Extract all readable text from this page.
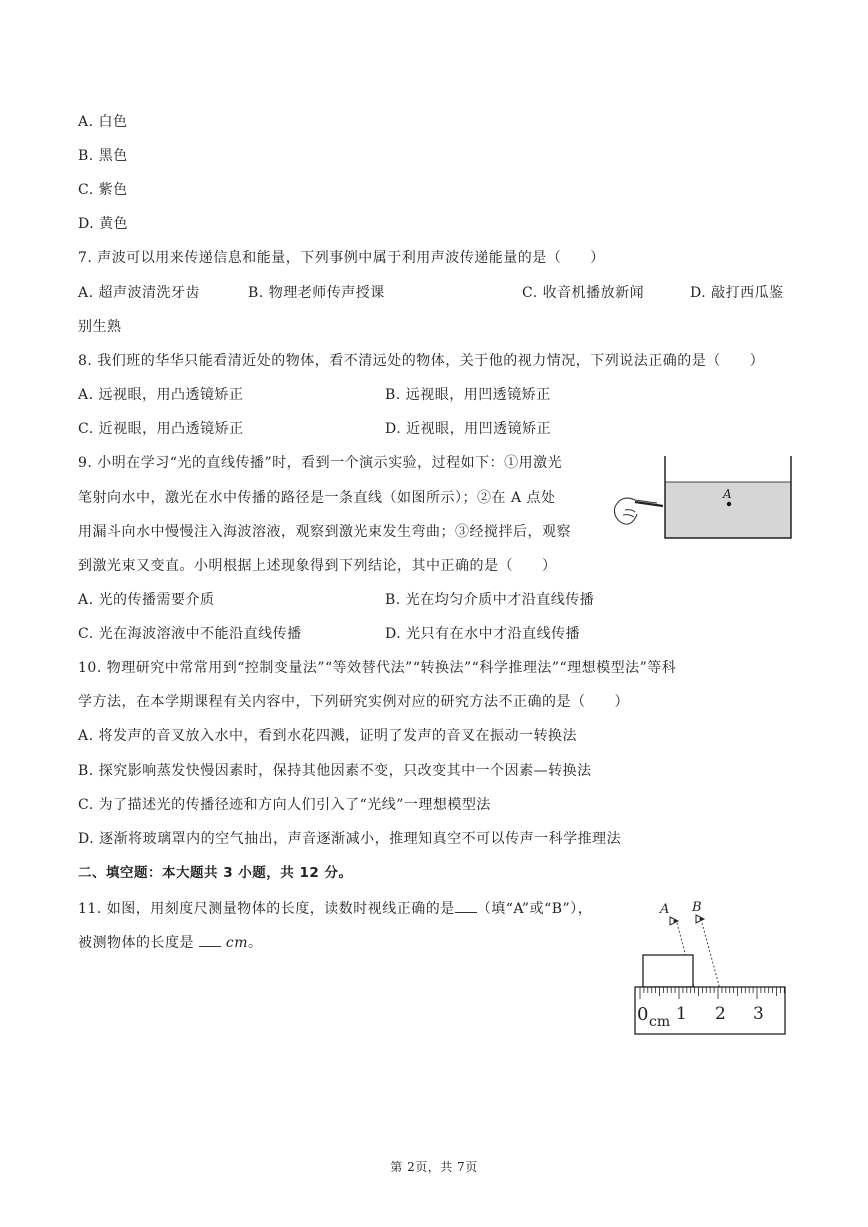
A. 白色
B. 黑色
C. 紫色
D. 黄色
7. 声波可以用来传递信息和能量，下列事例中属于利用声波传递能量的是（　　）
A. 超声波清洗牙齿	B. 物理老师传声授课	C. 收音机播放新闻	D. 敲打西瓜鉴
别生熟
8. 我们班的华华只能看清近处的物体，看不清远处的物体，关于他的视力情况，下列说法正确的是（　　）
A. 远视眼，用凸透镜矫正	B. 远视眼，用凹透镜矫正
C. 近视眼，用凸透镜矫正	D. 近视眼，用凹透镜矫正
9. 小明在学习“光的直线传播”时，看到一个演示实验，过程如下：①用激光
笔射向水中，激光在水中传播的路径是一条直线（如图所示）；②在 A 点处
用漏斗向水中慢慢注入海波溶液，观察到激光束发生弯曲；③经搅拌后，观察
到激光束又变直。小明根据上述现象得到下列结论，其中正确的是（　　）
A. 光的传播需要介质	B. 光在均匀介质中才沿直线传播
C. 光在海波溶液中不能沿直线传播	D. 光只有在水中才沿直线传播
A
10. 物理研究中常常用到“控制变量法”“等效替代法”“转换法”“科学推理法”“理想模型法”等科
学方法，在本学期课程有关内容中，下列研究实例对应的研究方法不正确的是（　　）
A. 将发声的音叉放入水中，看到水花四溅，证明了发声的音叉在振动一转换法
B. 探究影响蒸发快慢因素时，保持其他因素不变，只改变其中一个因素—转换法
C. 为了描述光的传播径迹和方向人们引入了“光线”一理想模型法
D. 逐渐将玻璃罩内的空气抽出，声音逐渐减小，推理知真空不可以传声一科学推理法
二、填空题：本大题共 3 小题，共 12 分。
11. 如图，用刻度尺测量物体的长度，读数时视线正确的是 （填“A”或“B”），
被测物体的长度是 cm。
A B
0 cm 1 2 3
第 2页，共 7页
